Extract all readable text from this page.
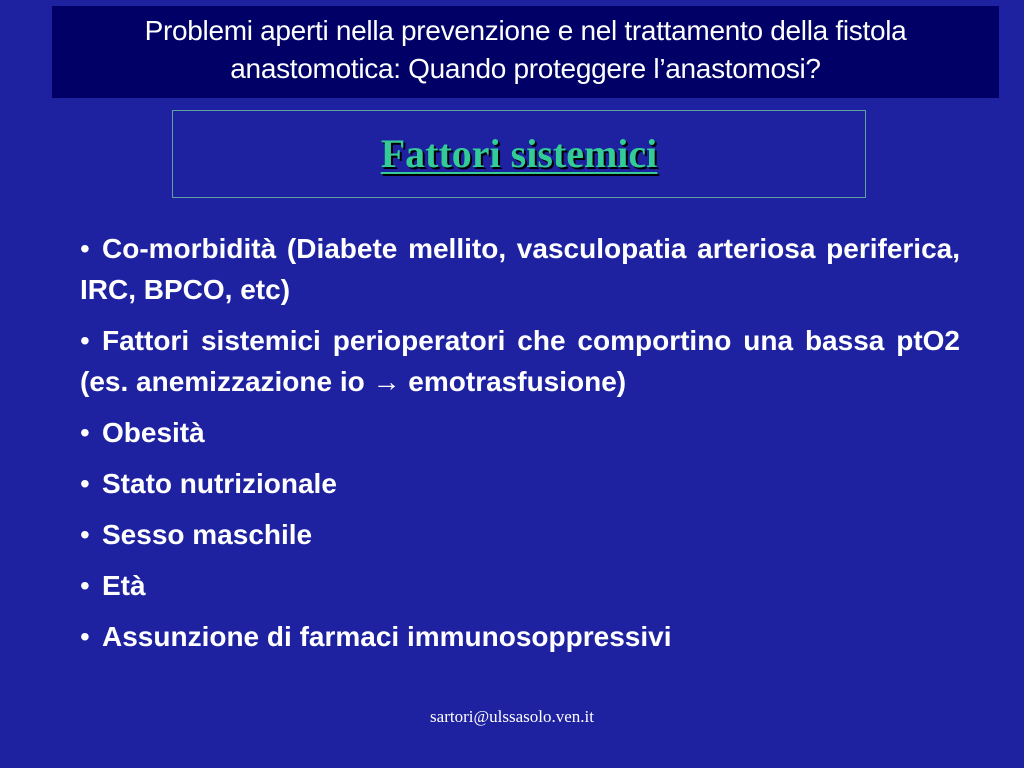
Problemi aperti nella prevenzione e nel trattamento della fistola anastomotica: Quando proteggere l’anastomosi?
Fattori sistemici
• Co-morbidità (Diabete mellito, vasculopatia arteriosa periferica, IRC, BPCO, etc)
• Fattori sistemici perioperatori che comportino una bassa ptO2 (es. anemizzazione io → emotrasfusione)
• Obesità
• Stato nutrizionale
• Sesso maschile
• Età
• Assunzione di farmaci immunosoppressivi
sartori@ulssasolo.ven.it
